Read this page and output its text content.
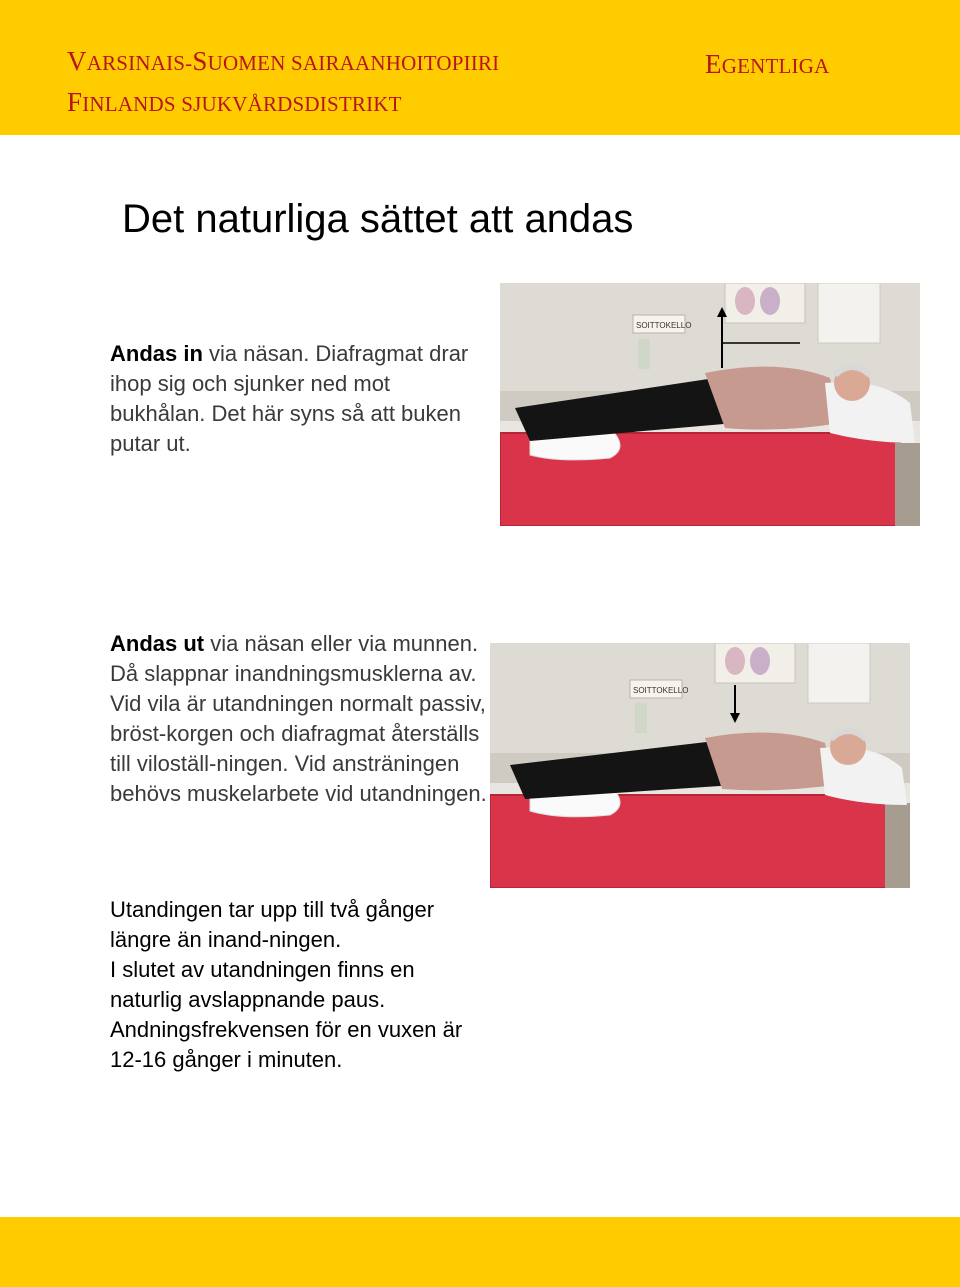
VARSINAIS-SUOMEN SAIRAANHOITOPIIRI
FINLANDS SJUKVÅRDSDISTRIKT
EGENTLIGA
Det naturliga sättet att andas
Andas in via näsan. Diafragmat drar ihop sig och sjunker ned mot bukhålan. Det här syns så att buken putar ut.
Andas ut via näsan eller via munnen. Då slappnar inandningsmusklerna av. Vid vila är utandningen normalt passiv, bröst-korgen och diafragmat återställs till viloställ-ningen. Vid ansträningen behövs muskelarbete vid utandningen.
Utandingen tar upp till två gånger längre än inand-ningen.
I slutet av utandningen finns en naturlig avslappnande paus.
Andningsfrekvensen för en vuxen är 12-16 gånger i minuten.
SOITTOKELLO
SOITTOKELLO
